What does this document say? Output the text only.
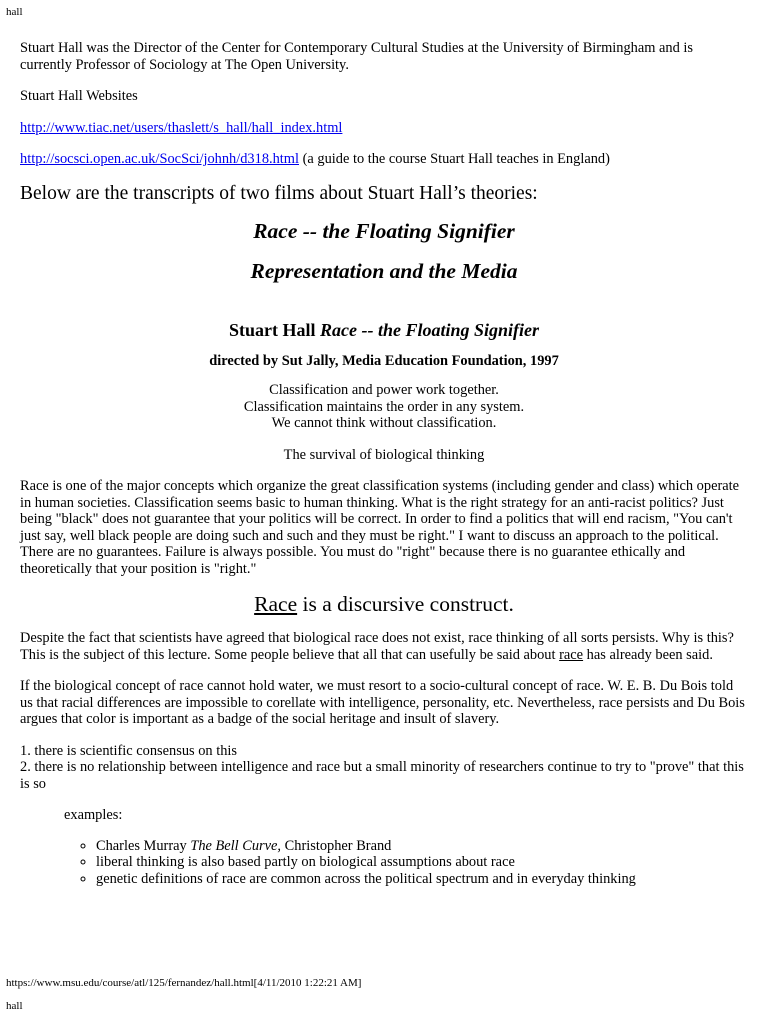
hall

Stuart Hall was the Director of the Center for Contemporary Cultural Studies at the University of Birmingham and is currently Professor of Sociology at The Open University.

Stuart Hall Websites

http://www.tiac.net/users/thaslett/s_hall/hall_index.html

http://socsci.open.ac.uk/SocSci/johnh/d318.html (a guide to the course Stuart Hall teaches in England)

Below are the transcripts of two films about Stuart Hall’s theories:

Race -- the Floating Signifier

Representation and the Media

Stuart Hall Race -- the Floating Signifier

directed by Sut Jally, Media Education Foundation, 1997

Classification and power work together.
Classification maintains the order in any system.
We cannot think without classification.

The survival of biological thinking

Race is one of the major concepts which organize the great classification systems (including gender and class) which operate in human societies. Classification seems basic to human thinking. What is the right strategy for an anti-racist politics? Just being "black" does not guarantee that your politics will be correct. In order to find a politics that will end racism, "You can't just say, well black people are doing such and such and they must be right." I want to discuss an approach to the political. There are no guarantees. Failure is always possible. You must do "right" because there is no guarantee ethically and theoretically that your position is "right."

Race is a discursive construct.

Despite the fact that scientists have agreed that biological race does not exist, race thinking of all sorts persists. Why is this? This is the subject of this lecture. Some people believe that all that can usefully be said about race has already been said.

If the biological concept of race cannot hold water, we must resort to a socio-cultural concept of race. W. E. B. Du Bois told us that racial differences are impossible to corellate with intelligence, personality, etc. Nevertheless, race persists and Du Bois argues that color is important as a badge of the social heritage and insult of slavery.

1. there is scientific consensus on this

2. there is no relationship between intelligence and race but a small minority of researchers continue to try to "prove" that this is so

examples:

◦ Charles Murray The Bell Curve, Christopher Brand
◦ liberal thinking is also based partly on biological assumptions about race
◦ genetic definitions of race are common across the political spectrum and in everyday thinking
https://www.msu.edu/course/atl/125/fernandez/hall.html[4/11/2010 1:22:21 AM]
hall
